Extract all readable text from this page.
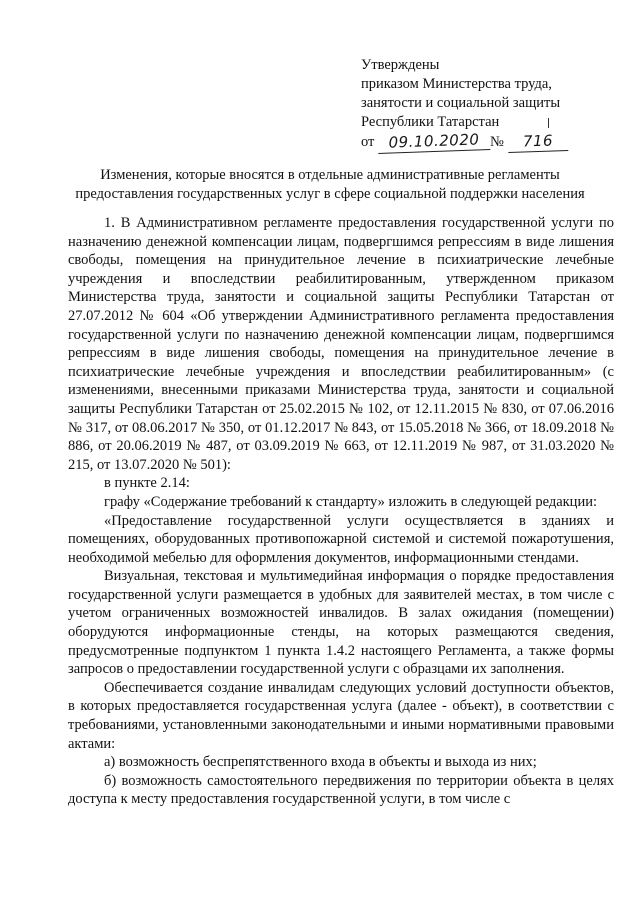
Утверждены
приказом Министерства труда,
занятости и социальной защиты
Республики Татарстан
от 09.10.2020 № 716
Изменения, которые вносятся в отдельные административные регламенты
предоставления государственных услуг в сфере социальной поддержки населения

1. В Административном регламенте предоставления государственной услуги по назначению денежной компенсации лицам, подвергшимся репрессиям в виде лишения свободы, помещения на принудительное лечение в психиатрические лечебные учреждения и впоследствии реабилитированным, утвержденном приказом Министерства труда, занятости и социальной защиты Республики Татарстан от 27.07.2012 № 604 «Об утверждении Административного регламента предоставления государственной услуги по назначению денежной компенсации лицам, подвергшимся репрессиям в виде лишения свободы, помещения на принудительное лечение в психиатрические лечебные учреждения и впоследствии реабилитированным» (с изменениями, внесенными приказами Министерства труда, занятости и социальной защиты Республики Татарстан от 25.02.2015 № 102, от 12.11.2015 № 830, от 07.06.2016 № 317, от 08.06.2017 № 350, от 01.12.2017 № 843, от 15.05.2018 № 366, от 18.09.2018 № 886, от 20.06.2019 № 487, от 03.09.2019 № 663, от 12.11.2019 № 987, от 31.03.2020 № 215, от 13.07.2020 № 501):

в пункте 2.14:

графу «Содержание требований к стандарту» изложить в следующей редакции:

«Предоставление государственной услуги осуществляется в зданиях и помещениях, оборудованных противопожарной системой и системой пожаротушения, необходимой мебелью для оформления документов, информационными стендами.

Визуальная, текстовая и мультимедийная информация о порядке предоставления государственной услуги размещается в удобных для заявителей местах, в том числе с учетом ограниченных возможностей инвалидов. В залах ожидания (помещении) оборудуются информационные стенды, на которых размещаются сведения, предусмотренные подпунктом 1 пункта 1.4.2 настоящего Регламента, а также формы запросов о предоставлении государственной услуги с образцами их заполнения.

Обеспечивается создание инвалидам следующих условий доступности объектов, в которых предоставляется государственная услуга (далее - объект), в соответствии с требованиями, установленными законодательными и иными нормативными правовыми актами:

а) возможность беспрепятственного входа в объекты и выхода из них;

б) возможность самостоятельного передвижения по территории объекта в целях доступа к месту предоставления государственной услуги, в том числе с
